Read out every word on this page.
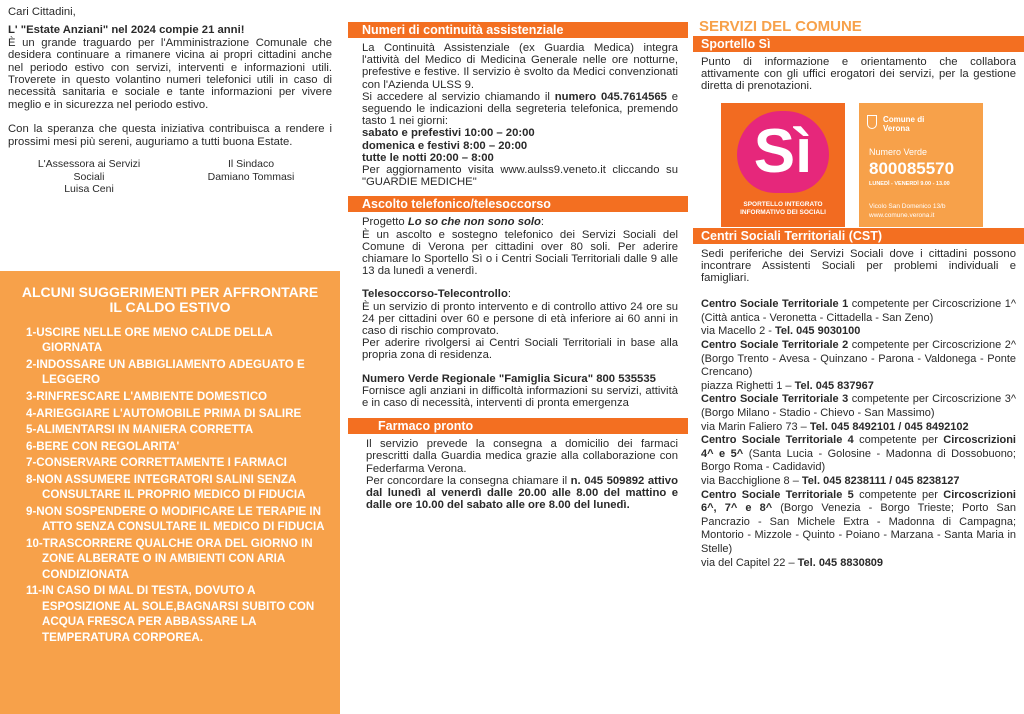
Cari Cittadini,

L' "Estate Anziani" nel 2024 compie 21 anni!

È un grande traguardo per l'Amministrazione Comunale che desidera continuare a rimanere vicina ai propri cittadini anche nel periodo estivo con servizi, interventi e informazioni utili. Troverete in questo volantino numeri telefonici utili in caso di necessità sanitaria e sociale e tante informazioni per vivere meglio e in sicurezza nel periodo estivo.

Con la speranza che questa iniziativa contribuisca a rendere i prossimi mesi più sereni, auguriamo a tutti buona Estate.

L'Assessora ai Servizi Sociali
Luisa Ceni
Il Sindaco
Damiano Tommasi
ALCUNI SUGGERIMENTI PER AFFRONTARE IL CALDO ESTIVO
1-USCIRE NELLE ORE MENO CALDE DELLA GIORNATA
2-INDOSSARE UN ABBIGLIAMENTO ADEGUATO E LEGGERO
3-RINFRESCARE L'AMBIENTE DOMESTICO
4-ARIEGGIARE L'AUTOMOBILE PRIMA DI SALIRE
5-ALIMENTARSI IN MANIERA CORRETTA
6-BERE CON REGOLARITA'
7-CONSERVARE CORRETTAMENTE I FARMACI
8-NON ASSUMERE INTEGRATORI SALINI SENZA CONSULTARE IL PROPRIO MEDICO DI FIDUCIA
9-NON SOSPENDERE O MODIFICARE LE TERAPIE IN ATTO SENZA CONSULTARE IL MEDICO DI FIDUCIA
10-TRASCORRERE QUALCHE ORA DEL GIORNO IN ZONE ALBERATE O IN AMBIENTI CON ARIA CONDIZIONATA
11-IN CASO DI MAL DI TESTA, DOVUTO A ESPOSIZIONE AL SOLE,BAGNARSI SUBITO CON ACQUA FRESCA PER ABBASSARE LA TEMPERATURA CORPOREA.
Numeri di continuità assistenziale

La Continuità Assistenziale (ex Guardia Medica) integra l'attività del Medico di Medicina Generale nelle ore notturne, prefestive e festive. Il servizio è svolto da Medici convenzionati con l'Azienda ULSS 9.

Si accedere al servizio chiamando il numero 045.7614565 e seguendo le indicazioni della segreteria telefonica, premendo tasto 1 nei giorni:

sabato e prefestivi 10:00 – 20:00

domenica e festivi 8:00 – 20:00

tutte le notti 20:00 – 8:00

Per aggiornamento visita www.aulss9.veneto.it cliccando su "GUARDIE MEDICHE"

Ascolto telefonico/telesoccorso

Progetto Lo so che non sono solo:

È un ascolto e sostegno telefonico dei Servizi Sociali del Comune di Verona per cittadini over 80 soli. Per aderire chiamare lo Sportello Sì o i Centri Sociali Territoriali dalle 9 alle 13 da lunedì a venerdì.

Telesoccorso-Telecontrollo:

È un servizio di pronto intervento e di controllo attivo 24 ore su 24 per cittadini over 60 e persone di età inferiore ai 60 anni in caso di rischio comprovato.

Per aderire rivolgersi ai Centri Sociali Territoriali in base alla propria zona di residenza.

Numero Verde Regionale "Famiglia Sicura" 800 535535

Fornisce agli anziani in difficoltà informazioni su servizi, attività e in caso di necessità, interventi di pronta emergenza

Farmaco pronto

Il servizio prevede la consegna a domicilio dei farmaci prescritti dalla Guardia medica grazie alla collaborazione con Federfarma Verona.

Per concordare la consegna chiamare il n. 045 509892 attivo dal lunedì al venerdì dalle 20.00 alle 8.00 del mattino e dalle ore 10.00 del sabato alle ore 8.00 del lunedì.

SERVIZI DEL COMUNE
Sportello Sì
Punto di informazione e orientamento che collabora attivamente con gli uffici erogatori dei servizi, per la gestione diretta di prenotazioni.
Sì
SPORTELLO INTEGRATO INFORMATIVO DEI SOCIALI
Comune di Verona
Numero Verde
800085570
LUNEDÌ - VENERDÌ 9.00 - 13.00
Vicolo San Domenico 13/b
www.comune.verona.it
Centri Sociali Territoriali (CST)
Sedi periferiche dei Servizi Sociali dove i cittadini possono incontrare Assistenti Sociali per problemi individuali e famigliari.

Centro Sociale Territoriale 1 competente per Circoscrizione 1^ (Città antica - Veronetta - Cittadella - San Zeno)

via Macello 2 - Tel. 045 9030100

Centro Sociale Territoriale 2 competente per Circoscrizione 2^ (Borgo Trento - Avesa - Quinzano - Parona - Valdonega - Ponte Crencano)

piazza Righetti 1 – Tel. 045 837967

Centro Sociale Territoriale 3 competente per Circoscrizione 3^ (Borgo Milano - Stadio - Chievo - San Massimo)

via Marin Faliero 73 – Tel. 045 8492101 / 045 8492102

Centro Sociale Territoriale 4 competente per Circoscrizioni 4^ e 5^ (Santa Lucia - Golosine - Madonna di Dossobuono; Borgo Roma - Cadidavid)

via Bacchiglione 8 – Tel. 045 8238111 / 045 8238127

Centro Sociale Territoriale 5 competente per Circoscrizioni 6^, 7^ e 8^ (Borgo Venezia - Borgo Trieste; Porto San Pancrazio - San Michele Extra - Madonna di Campagna; Montorio - Mizzole - Quinto - Poiano - Marzana - Santa Maria in Stelle)

via del Capitel 22 – Tel. 045 8830809
